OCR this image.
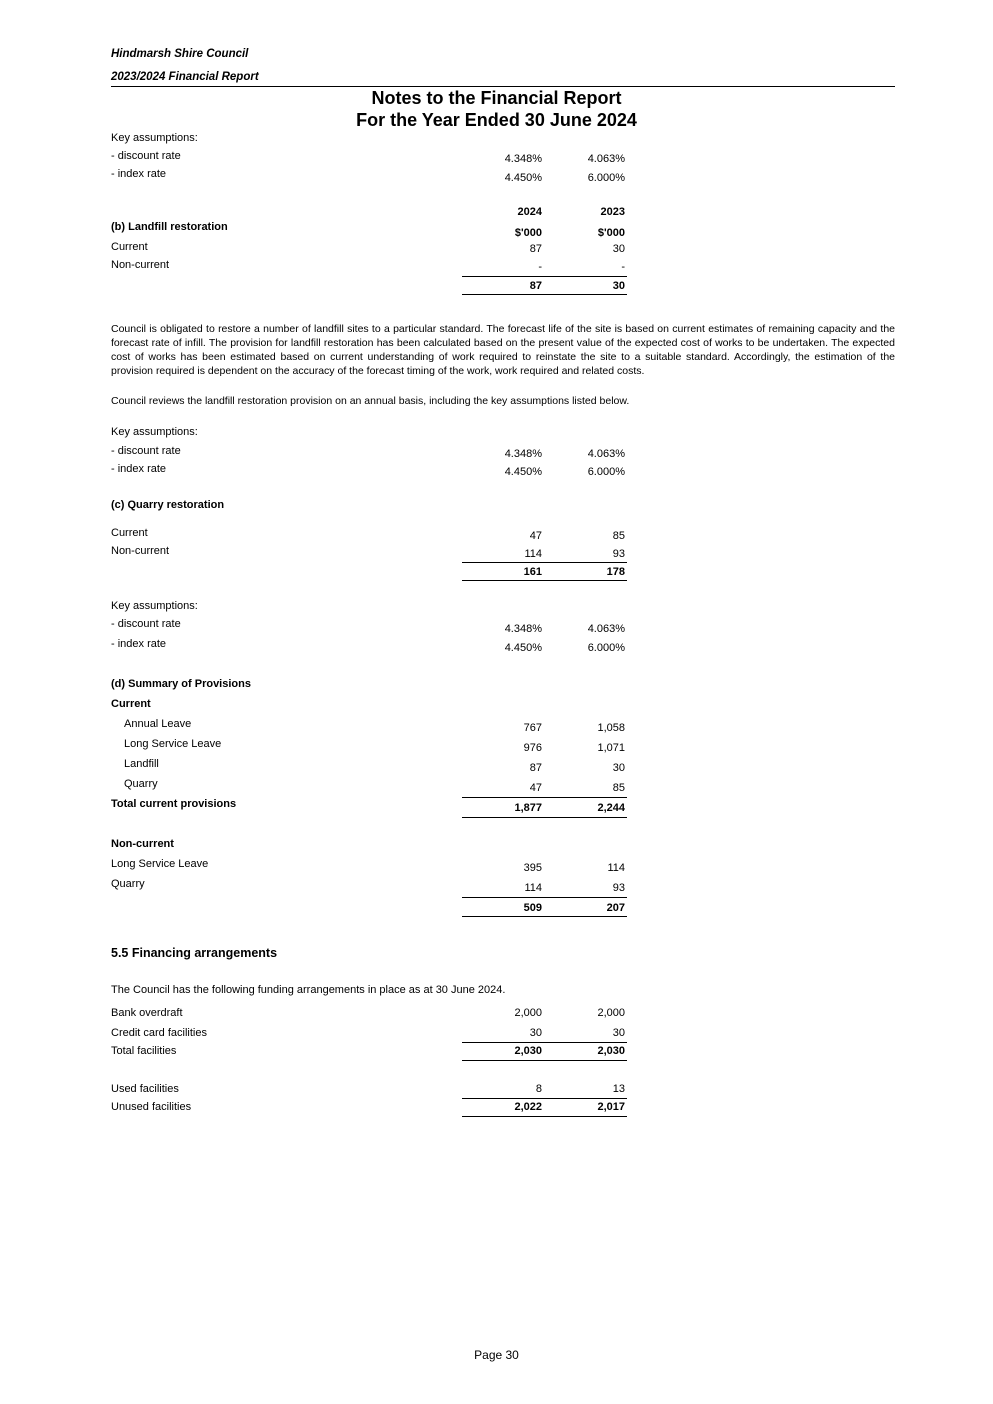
Hindmarsh Shire Council
2023/2024 Financial Report
Notes to the Financial Report
For the Year Ended 30 June 2024
Key assumptions:
- discount rate	4.348%	4.063%
- index rate	4.450%	6.000%
2024	2023
$'000	$'000
(b) Landfill restoration
Current	87	30
Non-current	-	-
87	30
Council is obligated to restore a number of landfill sites to a particular standard. The forecast life of the site is based on current estimates of remaining capacity and the forecast rate of infill. The provision for landfill restoration has been calculated based on the present value of the expected cost of works to be undertaken. The expected cost of works has been estimated based on current understanding of work required to reinstate the site to a suitable standard. Accordingly, the estimation of the provision required is dependent on the accuracy of the forecast timing of the work, work required and related costs.
Council reviews the landfill restoration provision on an annual basis, including the key assumptions listed below.
Key assumptions:
- discount rate	4.348%	4.063%
- index rate	4.450%	6.000%
(c) Quarry restoration
Current	47	85
Non-current	114	93
161	178
Key assumptions:
- discount rate	4.348%	4.063%
- index rate	4.450%	6.000%
(d) Summary of Provisions
Current
Annual Leave	767	1,058
Long Service Leave	976	1,071
Landfill	87	30
Quarry	47	85
Total current provisions	1,877	2,244
Non-current
Long Service Leave	395	114
Quarry	114	93
509	207
5.5 Financing arrangements
The Council has the following funding arrangements in place as at 30 June 2024.
Bank overdraft	2,000	2,000
Credit card facilities	30	30
Total facilities	2,030	2,030
Used facilities	8	13
Unused facilities	2,022	2,017
Page 30
